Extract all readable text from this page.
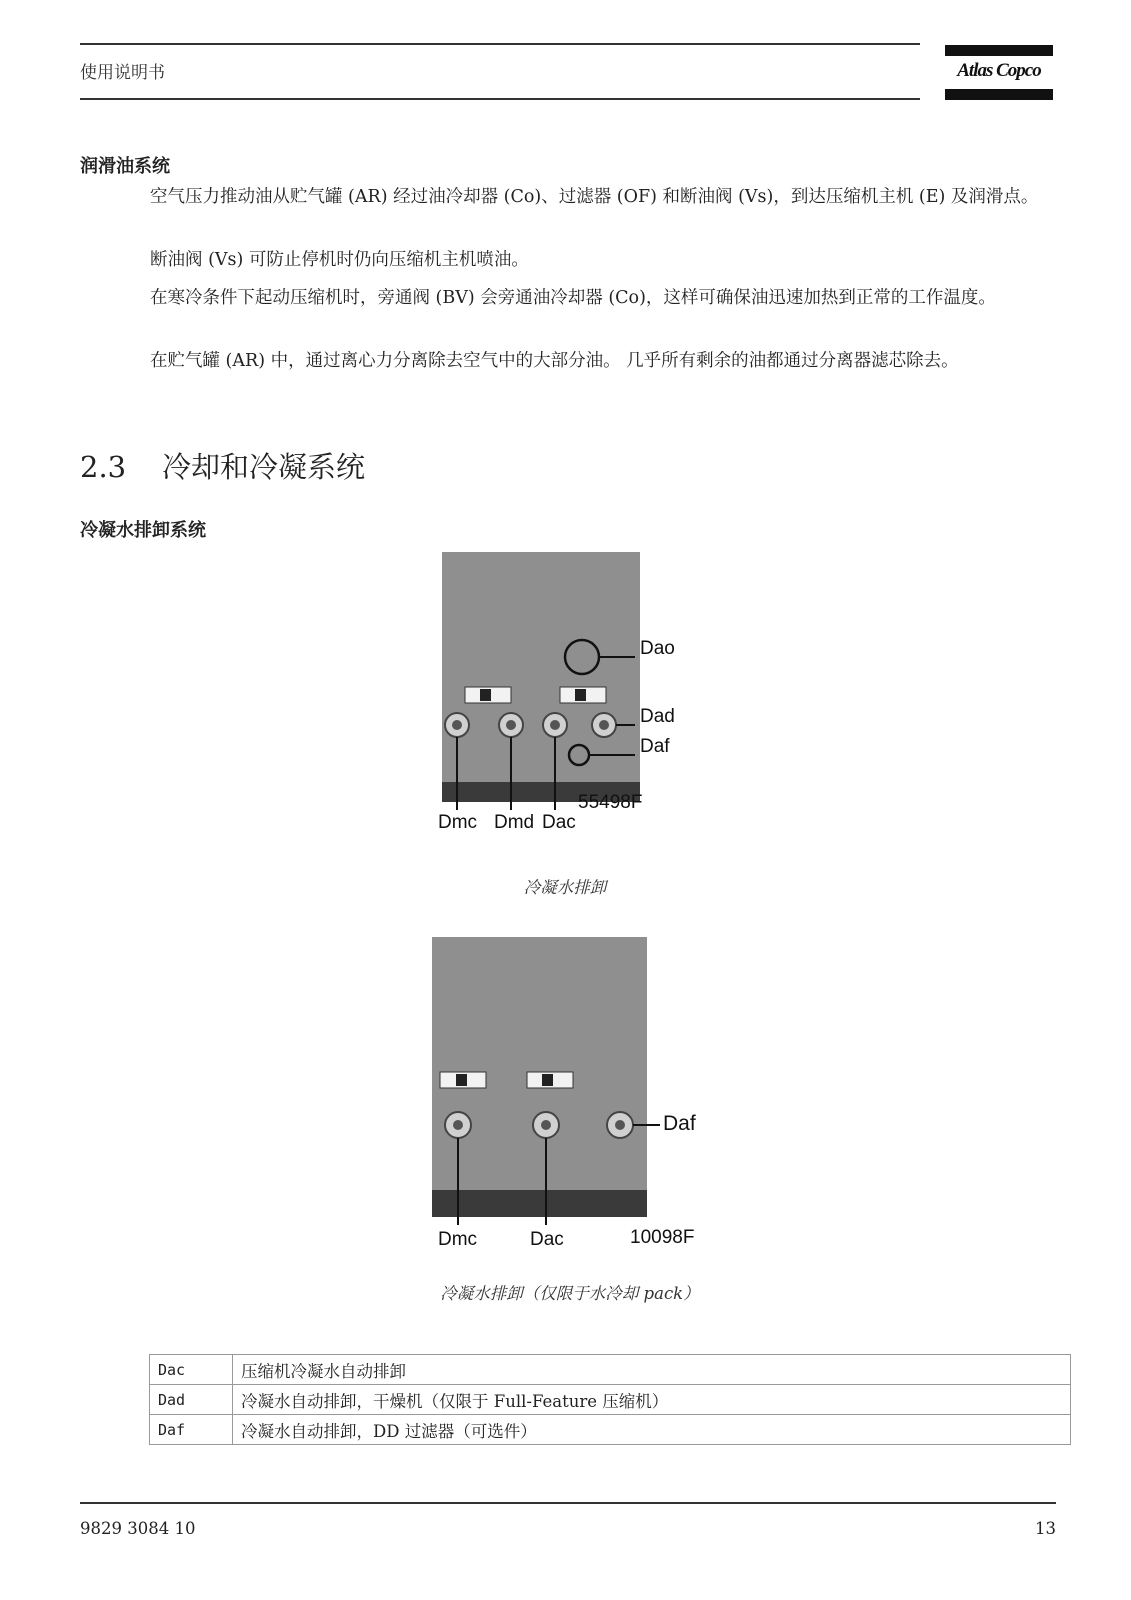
使用说明书	Atlas Copco
润滑油系统
空气压力推动油从贮气罐 (AR) 经过油冷却器 (Co)、过滤器 (OF) 和断油阀 (Vs)，到达压缩机主机 (E) 及润滑点。
断油阀 (Vs) 可防止停机时仍向压缩机主机喷油。
在寒冷条件下起动压缩机时，旁通阀 (BV) 会旁通油冷却器 (Co)，这样可确保油迅速加热到正常的工作温度。
在贮气罐 (AR) 中，通过离心力分离除去空气中的大部分油。 几乎所有剩余的油都通过分离器滤芯除去。
2.3 冷却和冷凝系统
冷凝水排卸系统
Dao
Dad
Daf
Dmc Dmd Dac
55498F
冷凝水排卸
Daf
Dmc	Dac	10098F
冷凝水排卸（仅限于水冷却 pack）
Dac	压缩机冷凝水自动排卸
Dad	冷凝水自动排卸，干燥机（仅限于 Full-Feature 压缩机）
Daf	冷凝水自动排卸，DD 过滤器（可选件）
9829 3084 10	13
